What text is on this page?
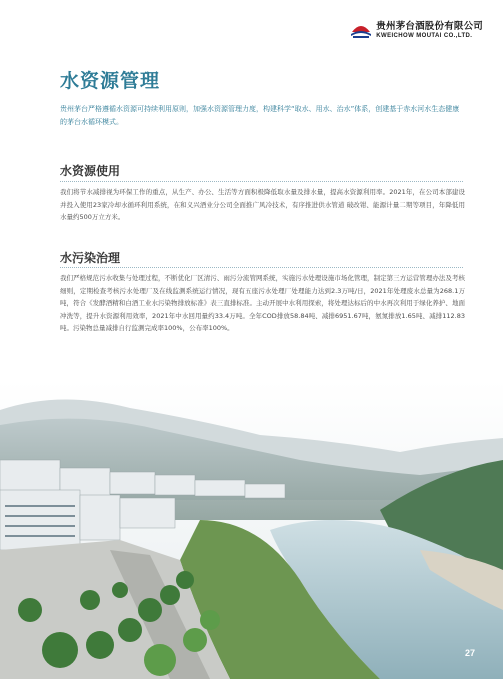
贵州茅台酒股份有限公司
KWEICHOW MOUTAI CO.,LTD.
水资源管理
贵州茅台严格遵循水资源可持续利用原则，加强水资源管理力度，构建科学“取水、用水、治水”体系，创建基于赤水河水生态健康的茅台水循环模式。
水资源使用
我们将节水减排视为环保工作的重点，从生产、办公、生活等方面积极降低取水量及排水量，提高水资源利用率。2021年，在公司本部建设并投入使用23家冷却水循环利用系统，在和义兴酒业分公司全面推广风冷技术，有序推进供水管道 破改钳、能源计量二期等项目，年降低用水量约500万立方米。
水污染治理
我们严格规范污水收集与处理过程，不断优化厂区清污、雨污分流管网系统，实施污水处理设施市场化管理，制定第三方运营管理办法及考核细则，定期检查考核污水处理厂及在线监测系统运行情况，现有五座污水处理厂处理能力达到2.3万吨/日，2021年处理废水总量为268.1万吨，符合《发酵酒精和白酒工业水污染物排放标准》表三直排标准。主动开展中水利用探索，将处理达标后的中水再次利用于绿化养护、地面冲洗等，提升水资源利用效率，2021年中水回用量约33.4万吨。全年COD排放58.84吨、减排6951.67吨，氨氮排放1.65吨、减排112.83吨。污染物总量减排自行监测完成率100%，公布率100%。
27
